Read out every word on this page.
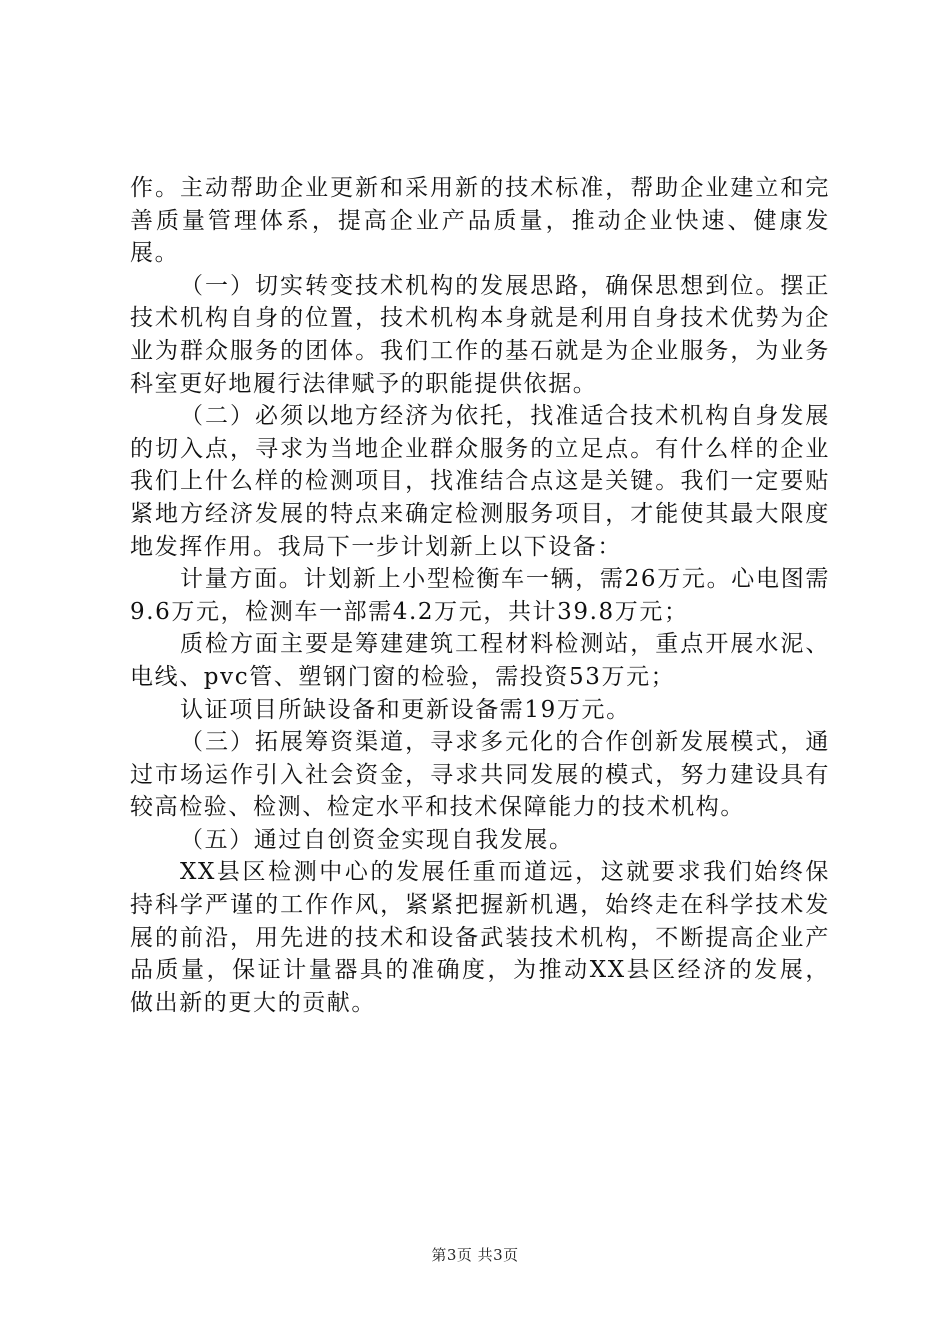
作。主动帮助企业更新和采用新的技术标准，帮助企业建立和完善质量管理体系，提高企业产品质量，推动企业快速、健康发展。

（一）切实转变技术机构的发展思路，确保思想到位。摆正技术机构自身的位置，技术机构本身就是利用自身技术优势为企业为群众服务的团体。我们工作的基石就是为企业服务，为业务科室更好地履行法律赋予的职能提供依据。

（二）必须以地方经济为依托，找准适合技术机构自身发展的切入点，寻求为当地企业群众服务的立足点。有什么样的企业我们上什么样的检测项目，找准结合点这是关键。我们一定要贴紧地方经济发展的特点来确定检测服务项目，才能使其最大限度地发挥作用。我局下一步计划新上以下设备：

计量方面。计划新上小型检衡车一辆，需26万元。心电图需9.6万元，检测车一部需4.2万元，共计39.8万元；

质检方面主要是筹建建筑工程材料检测站，重点开展水泥、电线、pvc管、塑钢门窗的检验，需投资53万元；

认证项目所缺设备和更新设备需19万元。

（三）拓展筹资渠道，寻求多元化的合作创新发展模式，通过市场运作引入社会资金，寻求共同发展的模式，努力建设具有较高检验、检测、检定水平和技术保障能力的技术机构。

（五）通过自创资金实现自我发展。

XX县区检测中心的发展任重而道远，这就要求我们始终保持科学严谨的工作作风，紧紧把握新机遇，始终走在科学技术发展的前沿，用先进的技术和设备武装技术机构，不断提高企业产品质量，保证计量器具的准确度，为推动XX县区经济的发展，做出新的更大的贡献。

第3页 共3页
